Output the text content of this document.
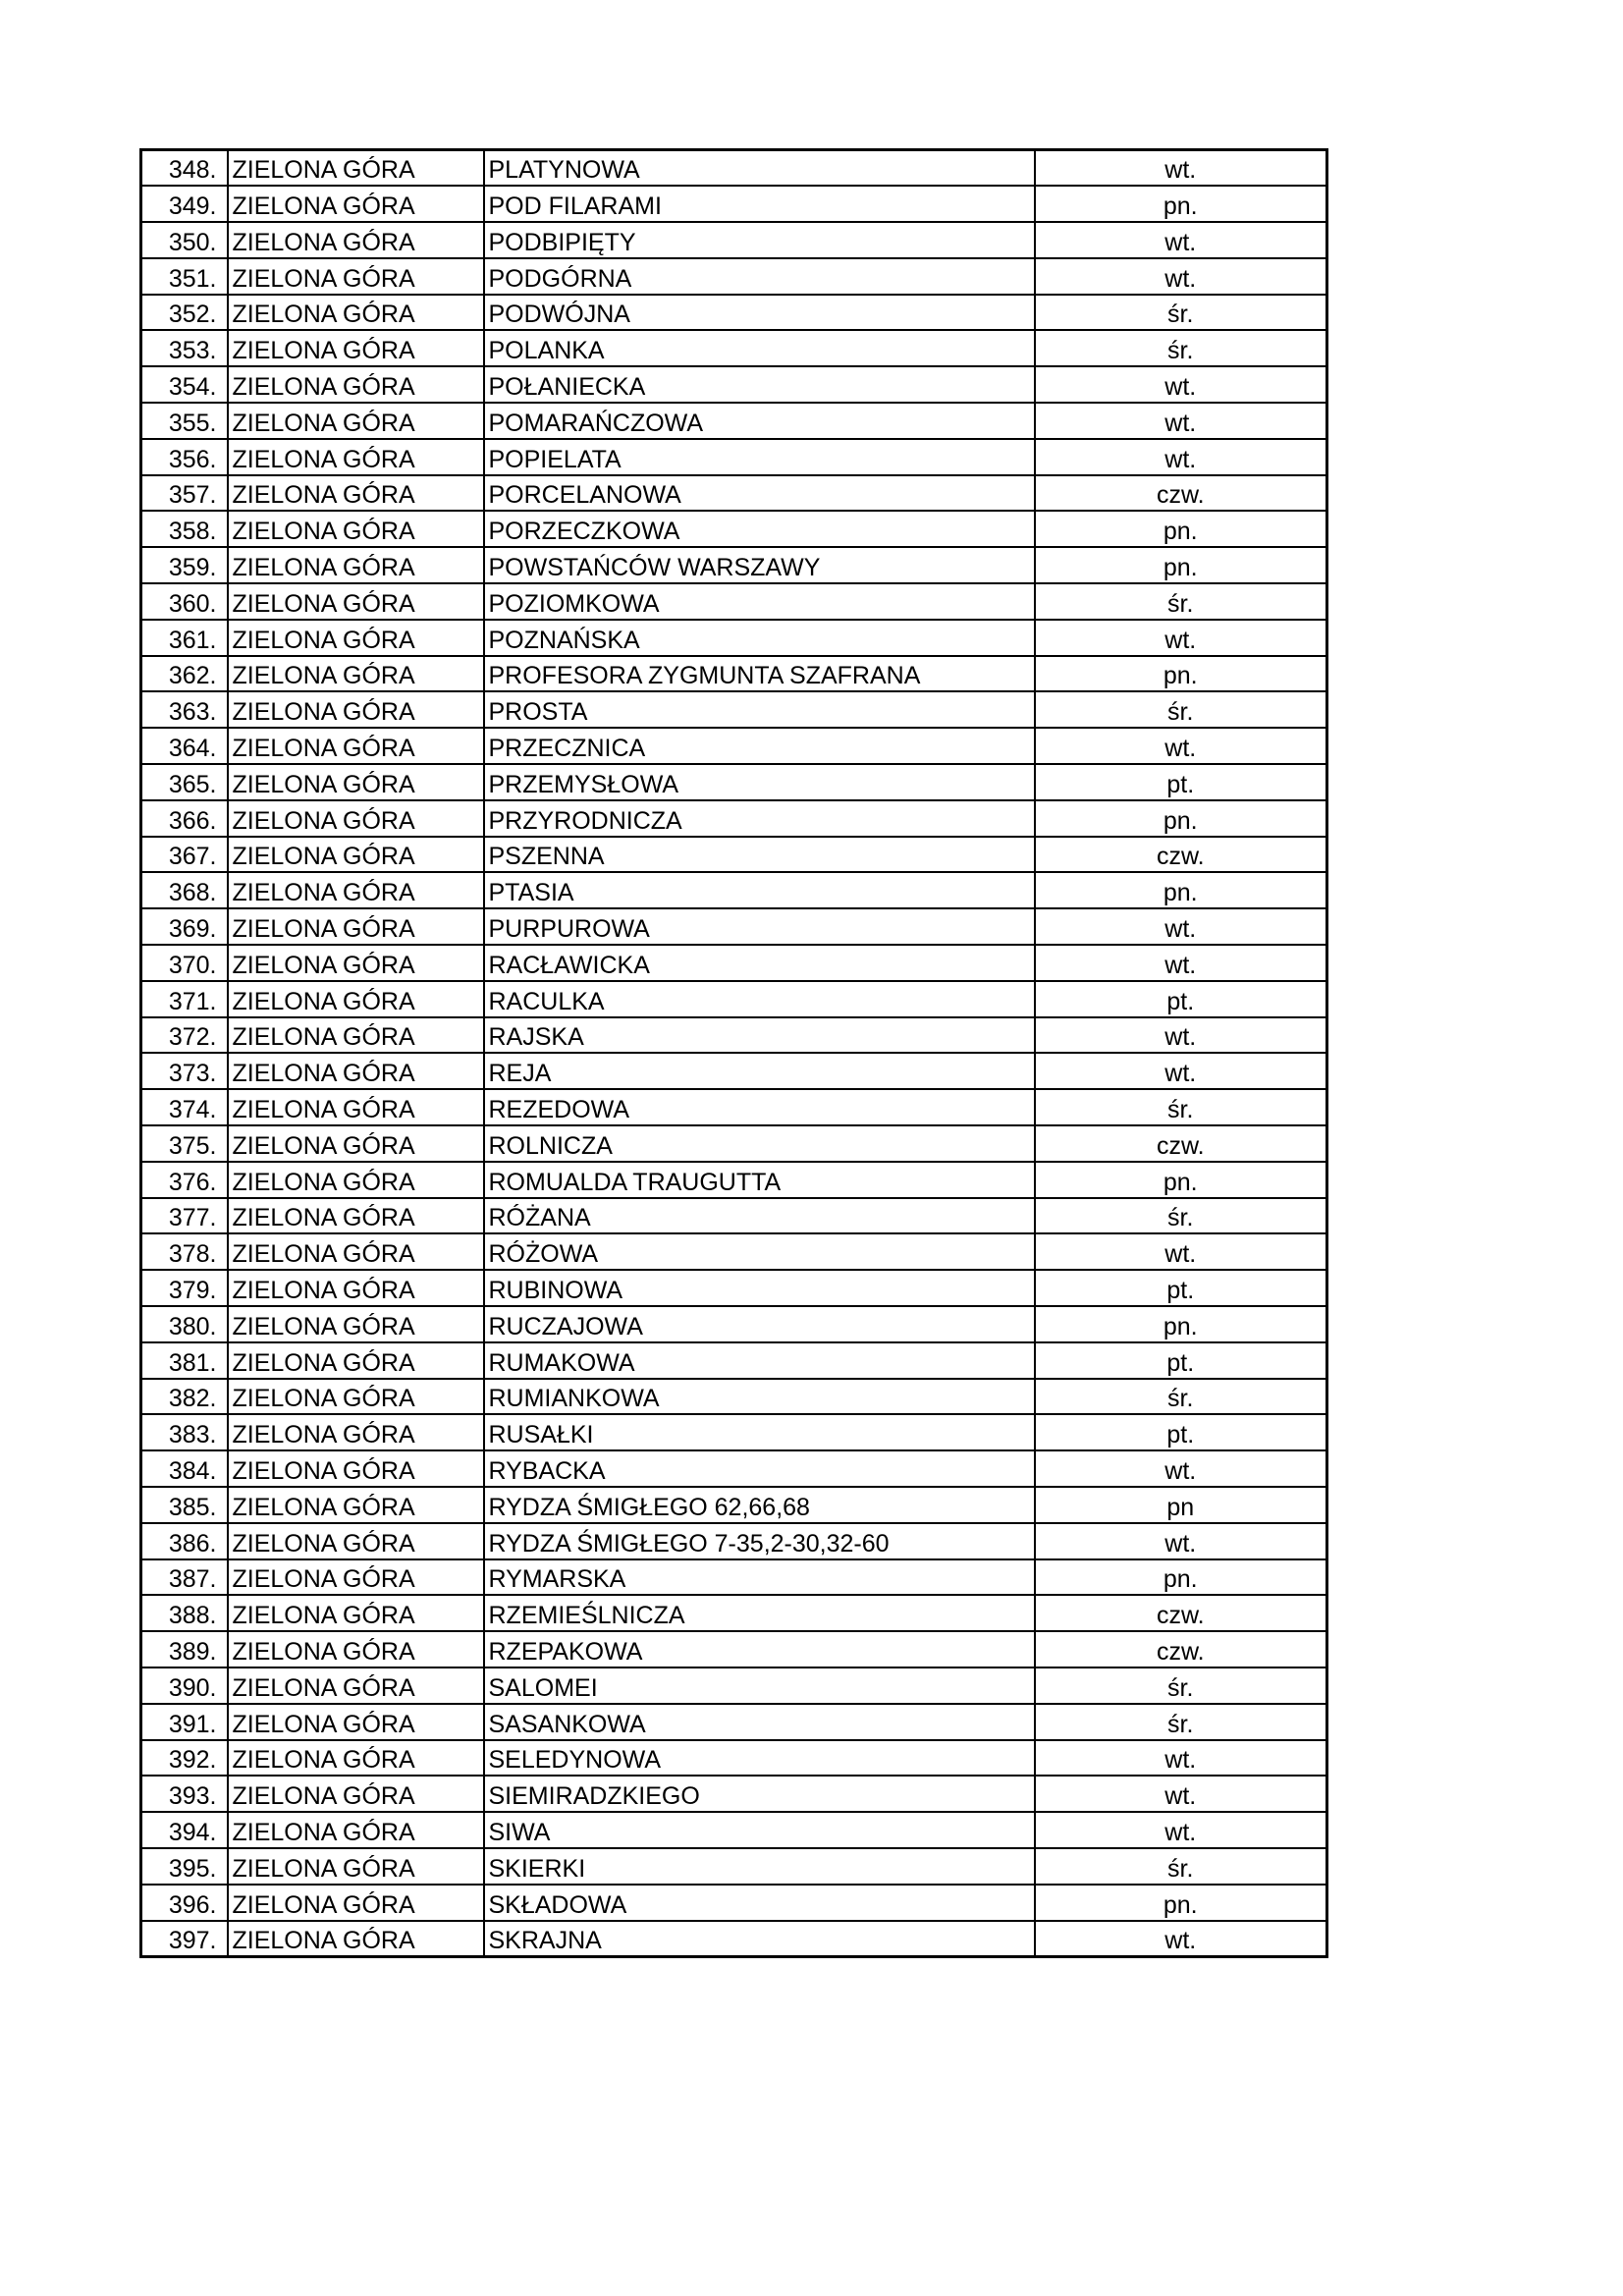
348.	ZIELONA GÓRA	PLATYNOWA	wt.
349.	ZIELONA GÓRA	POD FILARAMI	pn.
350.	ZIELONA GÓRA	PODBIPIĘTY	wt.
351.	ZIELONA GÓRA	PODGÓRNA	wt.
352.	ZIELONA GÓRA	PODWÓJNA	śr.
353.	ZIELONA GÓRA	POLANKA	śr.
354.	ZIELONA GÓRA	POŁANIECKA	wt.
355.	ZIELONA GÓRA	POMARAŃCZOWA	wt.
356.	ZIELONA GÓRA	POPIELATA	wt.
357.	ZIELONA GÓRA	PORCELANOWA	czw.
358.	ZIELONA GÓRA	PORZECZKOWA	pn.
359.	ZIELONA GÓRA	POWSTAŃCÓW WARSZAWY	pn.
360.	ZIELONA GÓRA	POZIOMKOWA	śr.
361.	ZIELONA GÓRA	POZNAŃSKA	wt.
362.	ZIELONA GÓRA	PROFESORA ZYGMUNTA SZAFRANA	pn.
363.	ZIELONA GÓRA	PROSTA	śr.
364.	ZIELONA GÓRA	PRZECZNICA	wt.
365.	ZIELONA GÓRA	PRZEMYSŁOWA	pt.
366.	ZIELONA GÓRA	PRZYRODNICZA	pn.
367.	ZIELONA GÓRA	PSZENNA	czw.
368.	ZIELONA GÓRA	PTASIA	pn.
369.	ZIELONA GÓRA	PURPUROWA	wt.
370.	ZIELONA GÓRA	RACŁAWICKA	wt.
371.	ZIELONA GÓRA	RACULKA	pt.
372.	ZIELONA GÓRA	RAJSKA	wt.
373.	ZIELONA GÓRA	REJA	wt.
374.	ZIELONA GÓRA	REZEDOWA	śr.
375.	ZIELONA GÓRA	ROLNICZA	czw.
376.	ZIELONA GÓRA	ROMUALDA TRAUGUTTA	pn.
377.	ZIELONA GÓRA	RÓŻANA	śr.
378.	ZIELONA GÓRA	RÓŻOWA	wt.
379.	ZIELONA GÓRA	RUBINOWA	pt.
380.	ZIELONA GÓRA	RUCZAJOWA	pn.
381.	ZIELONA GÓRA	RUMAKOWA	pt.
382.	ZIELONA GÓRA	RUMIANKOWA	śr.
383.	ZIELONA GÓRA	RUSAŁKI	pt.
384.	ZIELONA GÓRA	RYBACKA	wt.
385.	ZIELONA GÓRA	RYDZA ŚMIGŁEGO 62,66,68	pn
386.	ZIELONA GÓRA	RYDZA ŚMIGŁEGO 7-35,2-30,32-60	wt.
387.	ZIELONA GÓRA	RYMARSKA	pn.
388.	ZIELONA GÓRA	RZEMIEŚLNICZA	czw.
389.	ZIELONA GÓRA	RZEPAKOWA	czw.
390.	ZIELONA GÓRA	SALOMEI	śr.
391.	ZIELONA GÓRA	SASANKOWA	śr.
392.	ZIELONA GÓRA	SELEDYNOWA	wt.
393.	ZIELONA GÓRA	SIEMIRADZKIEGO	wt.
394.	ZIELONA GÓRA	SIWA	wt.
395.	ZIELONA GÓRA	SKIERKI	śr.
396.	ZIELONA GÓRA	SKŁADOWA	pn.
397.	ZIELONA GÓRA	SKRAJNA	wt.
